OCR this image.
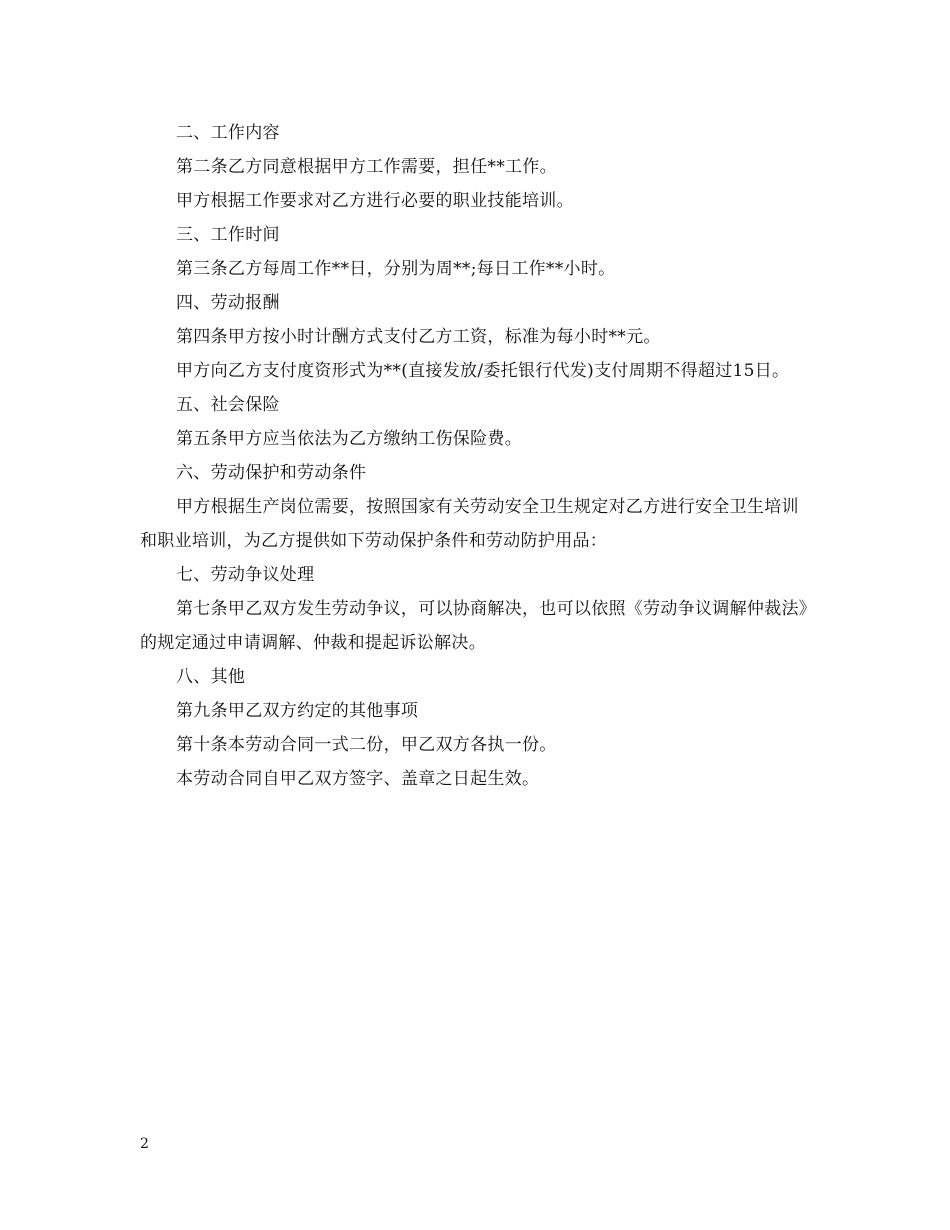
二、工作内容

第二条乙方同意根据甲方工作需要，担任**工作。

甲方根据工作要求对乙方进行必要的职业技能培训。

三、工作时间

第三条乙方每周工作**日，分别为周**;每日工作**小时。

四、劳动报酬

第四条甲方按小时计酬方式支付乙方工资，标准为每小时**元。

甲方向乙方支付度资形式为**(直接发放/委托银行代发)支付周期不得超过15日。

五、社会保险

第五条甲方应当依法为乙方缴纳工伤保险费。

六、劳动保护和劳动条件

甲方根据生产岗位需要，按照国家有关劳动安全卫生规定对乙方进行安全卫生培训和职业培训，为乙方提供如下劳动保护条件和劳动防护用品：

七、劳动争议处理

第七条甲乙双方发生劳动争议，可以协商解决，也可以依照《劳动争议调解仲裁法》的规定通过申请调解、仲裁和提起诉讼解决。

八、其他

第九条甲乙双方约定的其他事项

第十条本劳动合同一式二份，甲乙双方各执一份。

本劳动合同自甲乙双方签字、盖章之日起生效。

2
